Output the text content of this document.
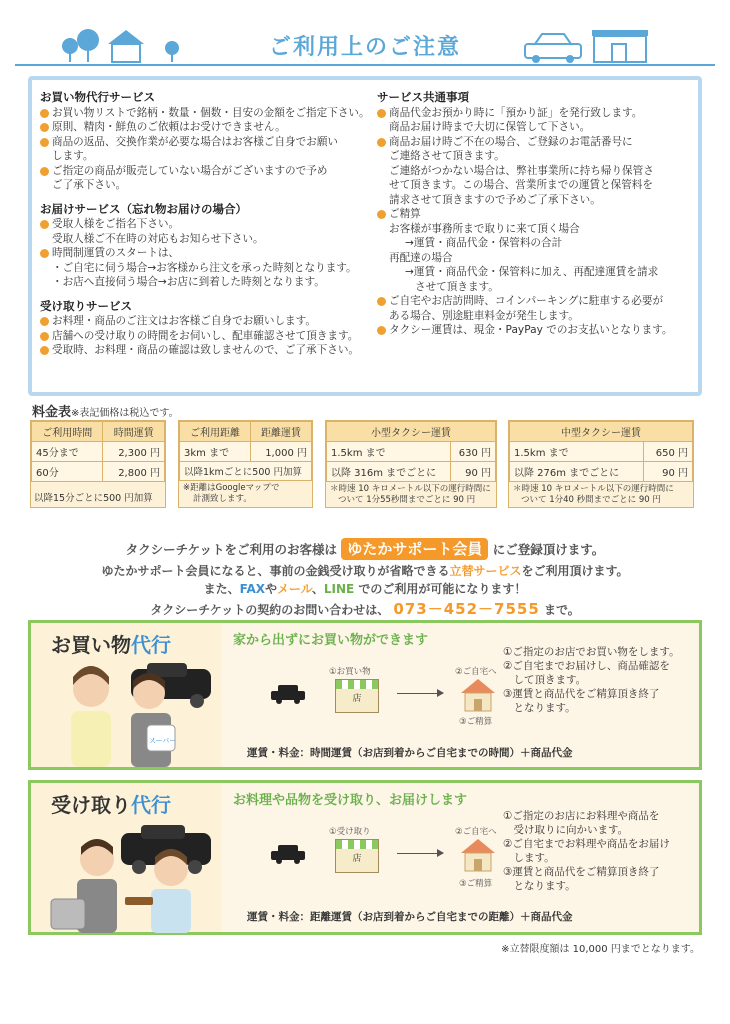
ご利用上のご注意
お買い物代行サービス
お買い物リストで銘柄・数量・個数・目安の金額をご指定下さい。
原則、精肉・鮮魚のご依頼はお受けできません。
商品の返品、交換作業が必要な場合はお客様ご自身でお願い
します。
ご指定の商品が販売していない場合がございますので予め
ご了承下さい。
お届けサービス（忘れ物お届けの場合）
受取人様をご指名下さい。
受取人様ご不在時の対応もお知らせ下さい。
時間制運賃のスタートは、
・ご自宅に伺う場合→お客様から注文を承った時刻となります。
・お店へ直接伺う場合→お店に到着した時刻となります。
受け取りサービス
お料理・商品のご注文はお客様ご自身でお願いします。
店舗への受け取りの時間をお伺いし、配車確認させて頂きます。
受取時、お料理・商品の確認は致しませんので、ご了承下さい。
サービス共通事項
商品代金お預かり時に「預かり証」を発行致します。
商品お届け時まで大切に保管して下さい。
商品お届け時ご不在の場合、ご登録のお電話番号に
ご連絡させて頂きます。
ご連絡がつかない場合は、弊社事業所に持ち帰り保管さ
せて頂きます。この場合、営業所までの運賃と保管料を
請求させて頂きますので予めご了承下さい。
ご精算
お客様が事務所まで取りに来て頂く場合
→運賃・商品代金・保管料の合計
再配達の場合
→運賃・商品代金・保管料に加え、再配達運賃を請求
させて頂きます。
ご自宅やお店訪問時、コインパーキングに駐車する必要が
ある場合、別途駐車料金が発生します。
タクシー運賃は、現金・PayPay でのお支払いとなります。
料金表※表記価格は税込です。
ご利用時間	時間運賃
45分まで	2,300 円
60分	2,800 円
以降15分ごとに500 円加算
ご利用距離	距離運賃
3km まで	1,000 円
以降1kmごとに500 円加算	
※距離はGoogleマップで
計測致します。
小型タクシー運賃	
1.5km まで	630 円
以降 316m までごとに	90 円
＊時速 10 キロメートル以下の運行時間に
ついて 1分55秒間までごとに 90 円
中型タクシー運賃	
1.5km まで	650 円
以降 276m までごとに	90 円
＊時速 10 キロメートル以下の運行時間に
ついて 1分40 秒間までごとに 90 円
タクシーチケットをご利用のお客様は ゆたかサポート会員 にご登録頂けます。
ゆたかサポート会員になると、事前の金銭受け取りが省略できる立替サービスをご利用頂けます。
また、FAXやメール、LINE でのご利用が可能になります！
タクシーチケットの契約のお問い合わせは、 073－452－7555 まで。
お買い物代行
スーパー
家から出ずにお買い物ができます
①お買い物
店
②ご自宅へ
③ご精算
①ご指定のお店でお買い物をします。
②ご自宅までお届けし、商品確認を
　して頂きます。
③運賃と商品代をご精算頂き終了
　となります。
運賃・料金：時間運賃（お店到着からご自宅までの時間）＋商品代金
受け取り代行	お料理や品物を受け取り、お届けします
①受け取り
店
②ご自宅へ
③ご精算
①ご指定のお店にお料理や商品を
　受け取りに向かいます。
②ご自宅までお料理や商品をお届け
　します。
③運賃と商品代をご精算頂き終了
　となります。
運賃・料金：距離運賃（お店到着からご自宅までの距離）＋商品代金
※立替限度額は 10,000 円までとなります。
